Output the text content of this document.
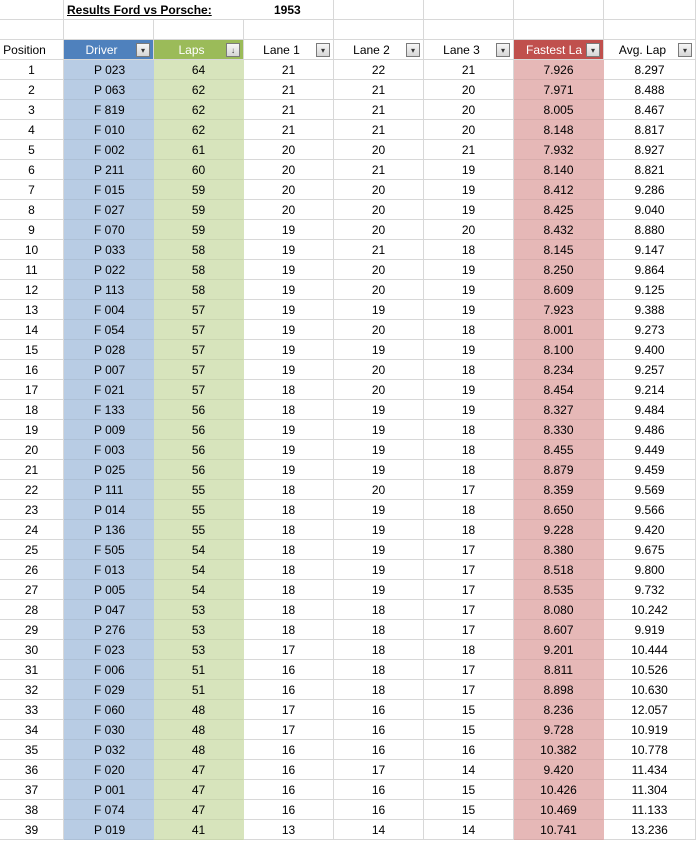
Results Ford vs Porsche:	1953
Position	Driver	▾	Laps	↓	Lane 1	▾	Lane 2	▾	Lane 3	▾	Fastest La	▾	Avg. Lap	▾
1	P 023	64	21	22	21	7.926	8.297
2	P 063	62	21	21	20	7.971	8.488
3	F 819	62	21	21	20	8.005	8.467
4	F 010	62	21	21	20	8.148	8.817
5	F 002	61	20	20	21	7.932	8.927
6	P 211	60	20	21	19	8.140	8.821
7	F 015	59	20	20	19	8.412	9.286
8	F 027	59	20	20	19	8.425	9.040
9	F 070	59	19	20	20	8.432	8.880
10	P 033	58	19	21	18	8.145	9.147
11	P 022	58	19	20	19	8.250	9.864
12	P 113	58	19	20	19	8.609	9.125
13	F 004	57	19	19	19	7.923	9.388
14	F 054	57	19	20	18	8.001	9.273
15	P 028	57	19	19	19	8.100	9.400
16	P 007	57	19	20	18	8.234	9.257
17	F 021	57	18	20	19	8.454	9.214
18	F 133	56	18	19	19	8.327	9.484
19	P 009	56	19	19	18	8.330	9.486
20	F 003	56	19	19	18	8.455	9.449
21	P 025	56	19	19	18	8.879	9.459
22	P 111	55	18	20	17	8.359	9.569
23	P 014	55	18	19	18	8.650	9.566
24	P 136	55	18	19	18	9.228	9.420
25	F 505	54	18	19	17	8.380	9.675
26	F 013	54	18	19	17	8.518	9.800
27	P 005	54	18	19	17	8.535	9.732
28	P 047	53	18	18	17	8.080	10.242
29	P 276	53	18	18	17	8.607	9.919
30	F 023	53	17	18	18	9.201	10.444
31	F 006	51	16	18	17	8.811	10.526
32	F 029	51	16	18	17	8.898	10.630
33	F 060	48	17	16	15	8.236	12.057
34	F 030	48	17	16	15	9.728	10.919
35	P 032	48	16	16	16	10.382	10.778
36	F 020	47	16	17	14	9.420	11.434
37	P 001	47	16	16	15	10.426	11.304
38	F 074	47	16	16	15	10.469	11.133
39	P 019	41	13	14	14	10.741	13.236
